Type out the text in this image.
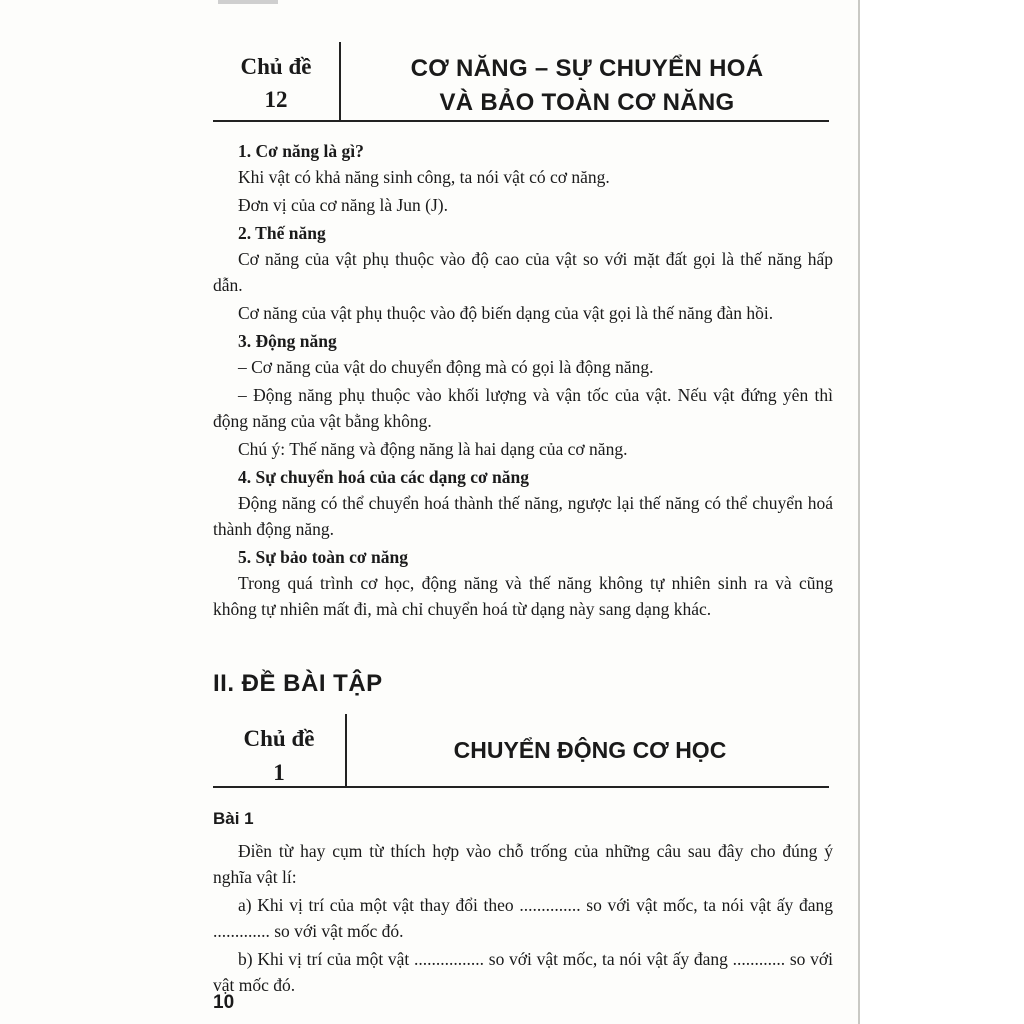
Chủ đề
12
CƠ NĂNG – SỰ CHUYỂN HOÁ
VÀ BẢO TOÀN CƠ NĂNG

1. Cơ năng là gì?

Khi vật có khả năng sinh công, ta nói vật có cơ năng.

Đơn vị của cơ năng là Jun (J).

2. Thế năng

Cơ năng của vật phụ thuộc vào độ cao của vật so với mặt đất gọi là thế năng hấp dẫn.

Cơ năng của vật phụ thuộc vào độ biến dạng của vật gọi là thế năng đàn hồi.

3. Động năng

– Cơ năng của vật do chuyển động mà có gọi là động năng.

– Động năng phụ thuộc vào khối lượng và vận tốc của vật. Nếu vật đứng yên thì động năng của vật bằng không.

Chú ý: Thế năng và động năng là hai dạng của cơ năng.

4. Sự chuyển hoá của các dạng cơ năng

Động năng có thể chuyển hoá thành thế năng, ngược lại thế năng có thể chuyển hoá thành động năng.

5. Sự bảo toàn cơ năng

Trong quá trình cơ học, động năng và thế năng không tự nhiên sinh ra và cũng không tự nhiên mất đi, mà chỉ chuyển hoá từ dạng này sang dạng khác.

II. ĐỀ BÀI TẬP
Chủ đề
1
CHUYỂN ĐỘNG CƠ HỌC

Bài 1

Điền từ hay cụm từ thích hợp vào chỗ trống của những câu sau đây cho đúng ý nghĩa vật lí:

a) Khi vị trí của một vật thay đổi theo .............. so với vật mốc, ta nói vật ấy đang ............. so với vật mốc đó.

b) Khi vị trí của một vật ................ so với vật mốc, ta nói vật ấy đang ............ so với vật mốc đó.

10
